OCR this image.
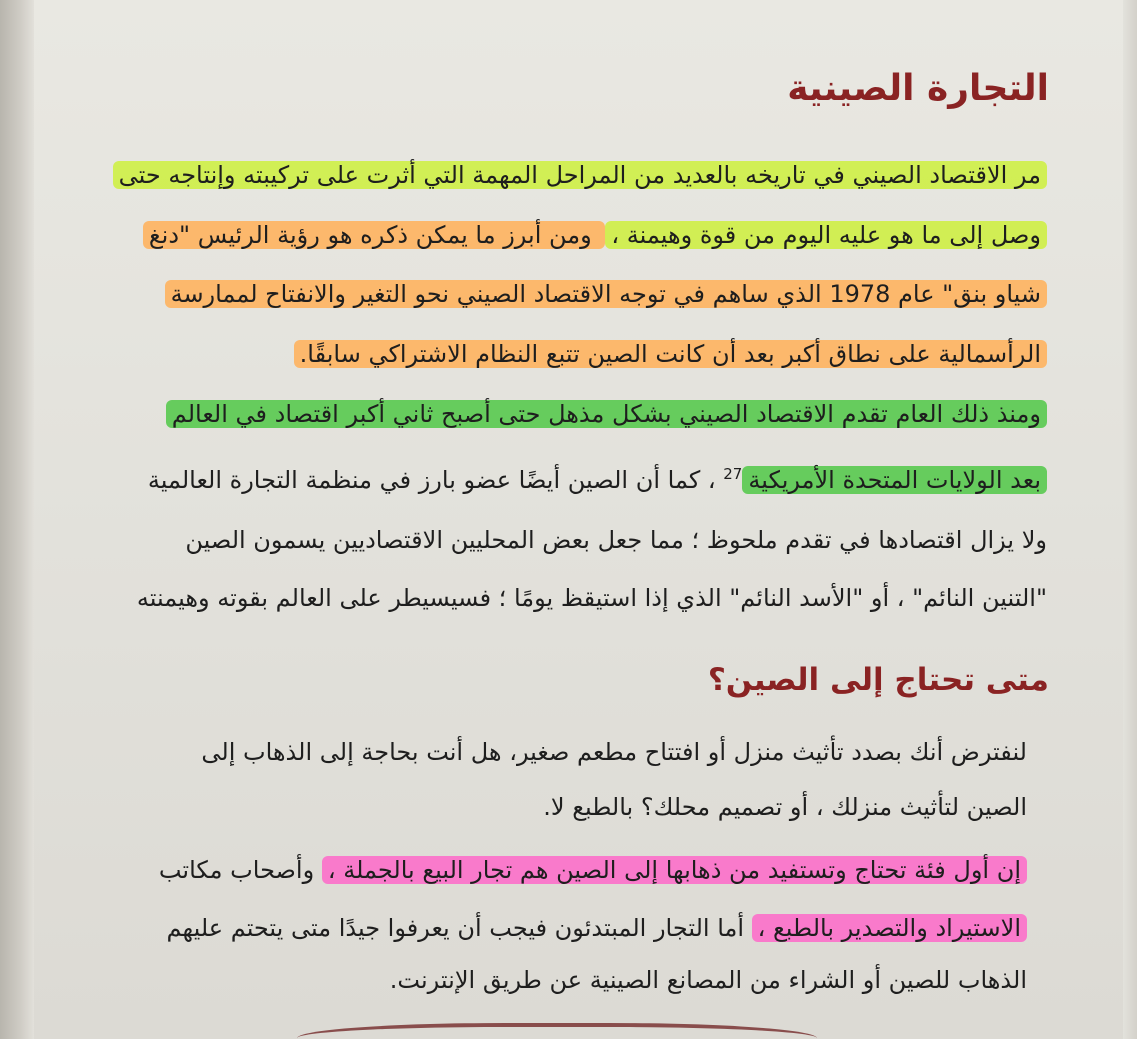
التجارة الصينية
مر الاقتصاد الصيني في تاريخه بالعديد من المراحل المهمة التي أثرت على تركيبته وإنتاجه حتى
وصل إلى ما هو عليه اليوم من قوة وهيمنة ، ومن أبرز ما يمكن ذكره هو رؤية الرئيس "دنغ
شياو بنق" عام 1978 الذي ساهم في توجه الاقتصاد الصيني نحو التغير والانفتاح لممارسة
الرأسمالية على نطاق أكبر بعد أن كانت الصين تتبع النظام الاشتراكي سابقًا.
ومنذ ذلك العام تقدم الاقتصاد الصيني بشكل مذهل حتى أصبح ثاني أكبر اقتصاد في العالم
بعد الولايات المتحدة الأمريكية$^{27}$ ، كما أن الصين أيضًا عضو بارز في منظمة التجارة العالمية
ولا يزال اقتصادها في تقدم ملحوظ ؛ مما جعل بعض المحليين الاقتصاديين يسمون الصين
"التنين النائم" ، أو "الأسد النائم" الذي إذا استيقظ يومًا ؛ فسيسيطر على العالم بقوته وهيمنته
متى تحتاج إلى الصين؟
لنفترض أنك بصدد تأثيث منزل أو افتتاح مطعم صغير، هل أنت بحاجة إلى الذهاب إلى
الصين لتأثيث منزلك ، أو تصميم محلك؟ بالطبع لا.
إن أول فئة تحتاج وتستفيد من ذهابها إلى الصين هم تجار البيع بالجملة ، وأصحاب مكاتب
الاستيراد والتصدير بالطبع ، أما التجار المبتدئون فيجب أن يعرفوا جيدًا متى يتحتم عليهم
الذهاب للصين أو الشراء من المصانع الصينية عن طريق الإنترنت.
